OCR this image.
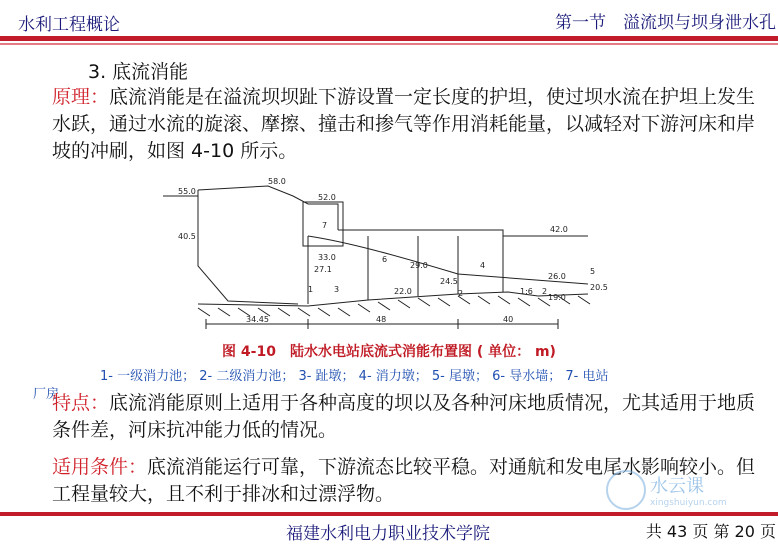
水利工程概论	第一节　溢流坝与坝身泄水孔
3. 底流消能
原理：底流消能是在溢流坝坝趾下游设置一定长度的护坦，使过坝水流在护坦上发生水跃，通过水流的旋滚、摩擦、撞击和掺气等作用消耗能量，以减轻对下游河床和岸坡的冲刷，如图 4-10 所示。
55.0
58.0
52.0
40.5
42.0
33.0
27.1	29.0
24.5
22.0
26.0
20.5
19.0
34.45	48	40
1	2
3
4
5
6
7
1:6 2
图 4-10　陆水水电站底流式消能布置图 ( 单位： m)
1- 一级消力池； 2- 二级消力池； 3- 趾墩； 4- 消力墩； 5- 尾墩； 6- 导水墙； 7- 电站
厂房
特点：底流消能原则上适用于各种高度的坝以及各种河床地质情况，尤其适用于地质条件差，河床抗冲能力低的情况。
适用条件：底流消能运行可靠，下游流态比较平稳。对通航和发电尾水影响较小。但工程量较大，且不利于排冰和过漂浮物。	水云课
xingshuiyun.com
福建水利电力职业技术学院	共 43 页 第 20 页
